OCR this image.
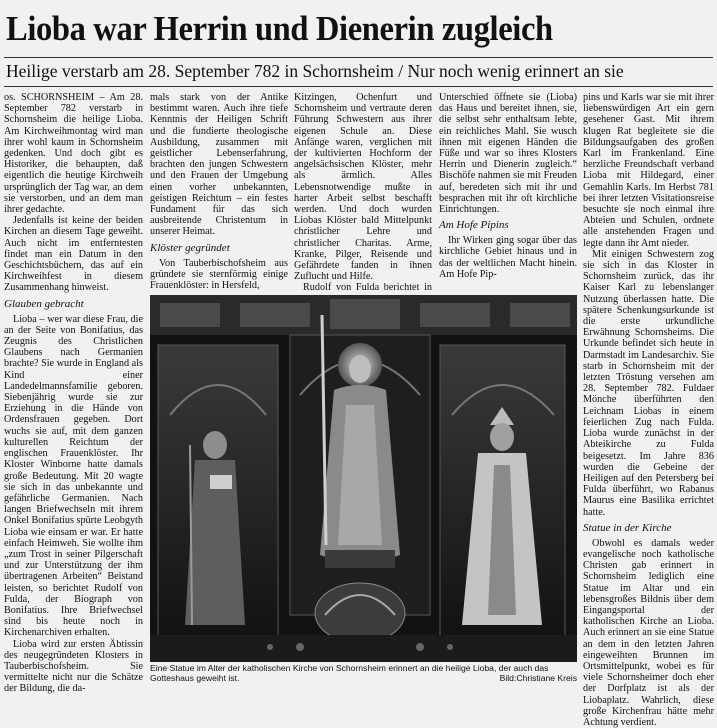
Lioba war Herrin und Dienerin zugleich
Heilige verstarb am 28. September 782 in Schornsheim / Nur noch wenig erinnert an sie

os. SCHORNSHEIM – Am 28. September 782 verstarb in Schornsheim die heilige Lioba. Am Kirchweihmontag wird man ihrer wohl kaum in Schornsheim gedenken. Und doch gibt es Historiker, die behaupten, daß eigentlich die heutige Kirchweih ursprünglich der Tag war, an dem sie verstorben, und an dem man ihrer gedachte.

Jedenfalls ist keine der beiden Kirchen an diesem Tage geweiht. Auch nicht im entferntesten findet man ein Datum in den Geschichtsbüchern, das auf ein Kirchweihfest in diesem Zusammenhang hinweist.

Glauben gebracht

Lioba – wer war diese Frau, die an der Seite von Bonifatius, das Zeugnis des Christlichen Glaubens nach Germanien brachte? Sie wurde in England als Kind einer Landedelmannsfamilie geboren. Siebenjährig wurde sie zur Erziehung in die Hände von Ordensfrauen gegeben. Dort wuchs sie auf, mit dem ganzen kulturellen Reichtum der englischen Frauenklöster. Ihr Kloster Winborne hatte damals große Bedeutung. Mit 20 wagte sie sich in das unbekannte und gefährliche Germanien. Nach langen Briefwechseln mit ihrem Onkel Bonifatius spürte Leobgyth Lioba wie einsam er war. Er hatte einfach Heimweh. Sie wollte ihm „zum Trost in seiner Pilgerschaft und zur Unterstützung der ihm übertragenen Arbeiten“ Beistand leisten, so berichtet Rudolf von Fulda, der Biograph von Bonifatius. Ihre Briefwechsel sind bis heute noch in Kirchenarchiven erhalten.

Lioba wird zur ersten Äbtissin des neugegründeten Klosters in Tauberbischofsheim. Sie vermittelte nicht nur die Schätze der Bildung, die da-

mals stark von der Antike bestimmt waren. Auch ihre tiefe Kenntnis der Heiligen Schrift und die fundierte theologische Ausbildung, zusammen mit geistlicher Lebenserfahrung, brachten den jungen Schwestern und den Frauen der Umgebung einen vorher unbekannten, geistigen Reichtum – ein festes Fundament für das sich ausbreitende Christentum in unserer Heimat.

Klöster gegründet

Von Tauberbischofsheim aus gründete sie sternförmig einige Frauenklöster: in Hersfeld,

Kitzingen, Ochenfurt und Schornsheim und vertraute deren Führung Schwestern aus ihrer eigenen Schule an. Diese Anfänge waren, verglichen mit der kultivierten Hochform der angelsächsischen Klöster, mehr als ärmlich. Alles Lebensnotwendige mußte in harter Arbeit selbst beschafft werden. Und doch wurden Liobas Klöster bald Mittelpunkt christlicher Lehre und christlicher Charitas. Arme, Kranke, Pilger, Reisende und Gefährdete fanden in ihnen Zuflucht und Hilfe.

Rudolf von Fulda berichtet in

Unterschied öffnete sie (Lioba) das Haus und bereitet ihnen, sie, die selbst sehr enthaltsam lebte, ein reichliches Mahl. Sie wusch ihnen mit eigenen Händen die Füße und war so ihres Klosters Herrin und Dienerin zugleich.“ Bischöfe nahmen sie mit Freuden auf, beredeten sich mit ihr und besprachen mit ihr oft kirchliche Einrichtungen.

Am Hofe Pipins

Ihr Wirken ging sogar über das kirchliche Gebiet hinaus und in das der weltlichen Macht hinein. Am Hofe Pip-

pins und Karls war sie mit ihrer liebenswürdigen Art ein gern gesehener Gast. Mit ihrem klugen Rat begleitete sie die Bildungsaufgaben des großen Karl im Frankenland. Eine herzliche Freundschaft verband Lioba mit Hildegard, einer Gemahlin Karls. Im Herbst 781 bei ihrer letzten Visitationsreise besuchte sie noch einmal ihre Abteien und Schulen, ordnete alle anstehenden Fragen und legte dann ihr Amt nieder.

Mit einigen Schwestern zog sie sich in das Kloster in Schornsheim zurück, das ihr Kaiser Karl zu lebenslanger Nutzung überlassen hatte. Die spätere Schenkungsurkunde ist die erste urkundliche Erwähnung Schornsheims. Die Urkunde befindet sich heute in Darmstadt im Landesarchiv. Sie starb in Schornsheim mit der letzten Tröstung versehen am 28. September 782. Fuldaer Mönche überführten den Leichnam Liobas in einem feierlichen Zug nach Fulda. Lioba wurde zunächst in der Abteikirche zu Fulda beigesetzt. Im Jahre 836 wurden die Gebeine der Heiligen auf den Petersberg bei Fulda überführt, wo Rabanus Maurus eine Basilika errichtet hatte.

Statue in der Kirche

Obwohl es damals weder evangelische noch katholische Christen gab erinnert in Schornsheim lediglich eine Statue im Altar und ein lebensgroßes Bildnis über dem Eingangsportal der katholischen Kirche an Lioba. Auch erinnert an sie eine Statue an dem in den letzten Jahren eingeweihten Brunnen im Ortsmittelpunkt, wobei es für viele Schornsheimer doch eher der Dorfplatz ist als der Liobaplatz. Wahrlich, diese große Kirchenfrau hätte mehr Achtung verdient.

Eine Statue im Alter der katholischen Kirche von Schornsheim erinnert an die heilige Lioba, der auch das Gotteshaus geweiht ist.	Bild:Christiane Kreis
